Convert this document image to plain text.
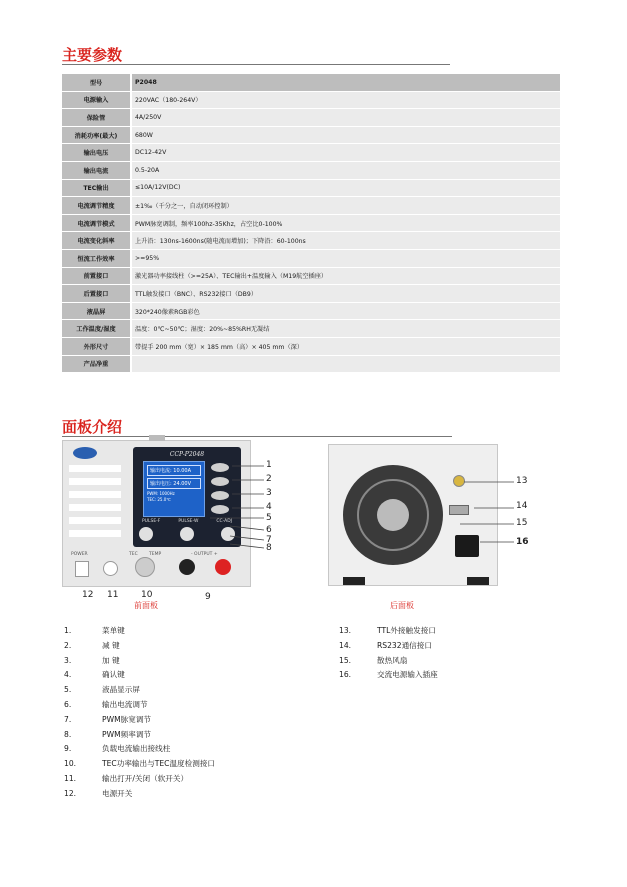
主要参数
型号	P2048
电源输入	220VAC（180-264V）
保险管	4A/250V
消耗功率(最大)	680W
输出电压	DC12-42V
输出电流	0.5-20A
TEC输出	≤10A/12V(DC)
电流调节精度	±1‰（千分之一，自动闭环控制）
电流调节模式	PWM脉宽调制，频率100hz-35Khz，占空比0-100%
电流变化斜率	上升沿：130ns-1600ns(随电流而增加)；下降沿：60-100ns
恒流工作效率	>=95%
前置接口	激光器功率接线柱（>=25A）、TEC输出+温度输入（M19航空插座）
后置接口	TTL触发接口（BNC）、RS232接口（DB9）
液晶屏	320*240像素RGB彩色
工作温度/湿度	温度：0℃~50℃；湿度：20%~85%RH无凝结
外形尺寸	带提手 200 mm（宽）× 185 mm（高）× 405 mm（深）
产品净重	
面板介绍
CCP-P2048
输出电流: 10.00A
输出电压: 24.00V
PWM: 1000Hz
TEC: 25.0℃
PULSE-F	PULSE-W	CC-ADJ
POWER	TEC	TEMP	- OUTPUT +
1
2
3
4
5
6
7
8
12 11	10	9
前面板
13
14
15
16
后面板
1.	菜单键
2.	减 键
3.	加 键
4.	确认键
5.	液晶显示屏
6.	输出电流调节
7.	PWM脉宽调节
8.	PWM频率调节
9.	负载电流输出接线柱
10.	TEC功率输出与TEC温度检测接口
11.	输出打开/关闭（软开关）
12.	电源开关
13.	TTL外接触发接口
14.	RS232通信接口
15.	散热风扇
16.	交流电源输入插座
